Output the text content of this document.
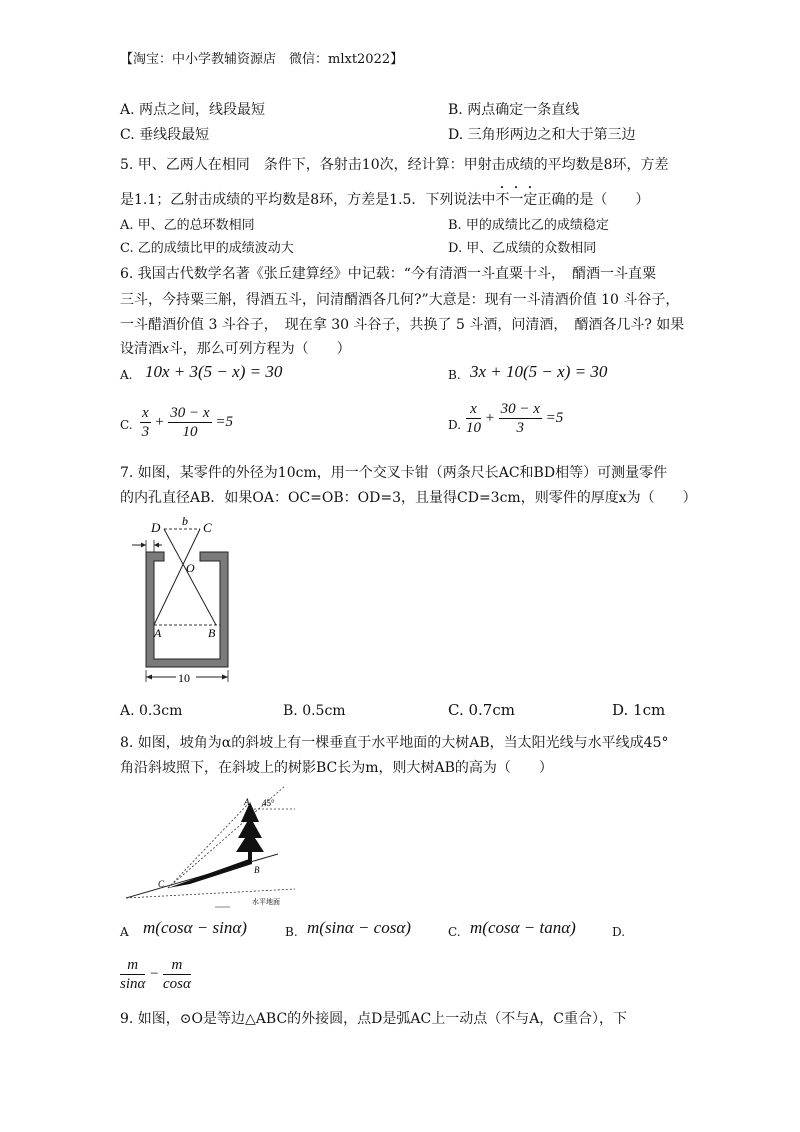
【淘宝：中小学教辅资源店　微信：mlxt2022】
A. 两点之间，线段最短	B. 两点确定一条直线
C. 垂线段最短	D. 三角形两边之和大于第三边
5. 甲、乙两人在相同　条件下，各射击10次，经计算：甲射击成绩的平均数是8环，方差
是1.1；乙射击成绩的平均数是8环，方差是1.5．下列说法中不一定正确的是（　　）
A. 甲、乙的总环数相同	B. 甲的成绩比乙的成绩稳定
C. 乙的成绩比甲的成绩波动大	D. 甲、乙成绩的众数相同
6. 我国古代数学名著《张丘建算经》中记载：“今有清酒一斗直粟十斗，　醑酒一斗直粟
三斗，今持粟三斛，得酒五斗，问清醑酒各几何?”大意是：现有一斗清酒价值 10 斗谷子，
一斗醋酒价值 3 斗谷子，　现在拿 30 斗谷子，共换了 5 斗酒，问清酒，　醑酒各几斗? 如果
设清酒x斗，那么可列方程为（　　）
A. 10x + 3(5 − x) = 30	B. 3x + 10(5 − x) = 30
C. $\frac{x}{3} + \frac{30 - x}{10} =5$	D. $\frac{x}{10} + \frac{30 - x}{3} =5$
7. 如图，某零件的外径为10cm，用一个交叉卡钳（两条尺长AC和BD相等）可测量零件
的内孔直径AB．如果OA：OC=OB：OD=3，且量得CD=3cm，则零件的厚度x为（　　）
D b C
O
A	B
10
A. 0.3cm	B. 0.5cm	C. 0.7cm	D. 1cm
8. 如图，坡角为α的斜坡上有一棵垂直于水平地面的大树AB，当太阳光线与水平线成45°
角沿斜坡照下，在斜坡上的树影BC长为m，则大树AB的高为（　　）
A 45°
B
C
水平地面
A m(cosα − sinα)	B. m(sinα − cosα)	C. m(cosα − tanα)	D.
$\frac{m}{\sin\alpha} - \frac{m}{\cos\alpha}$
9. 如图，⊙O是等边△ABC的外接圆，点D是弧AC上一动点（不与A，C重合），下
